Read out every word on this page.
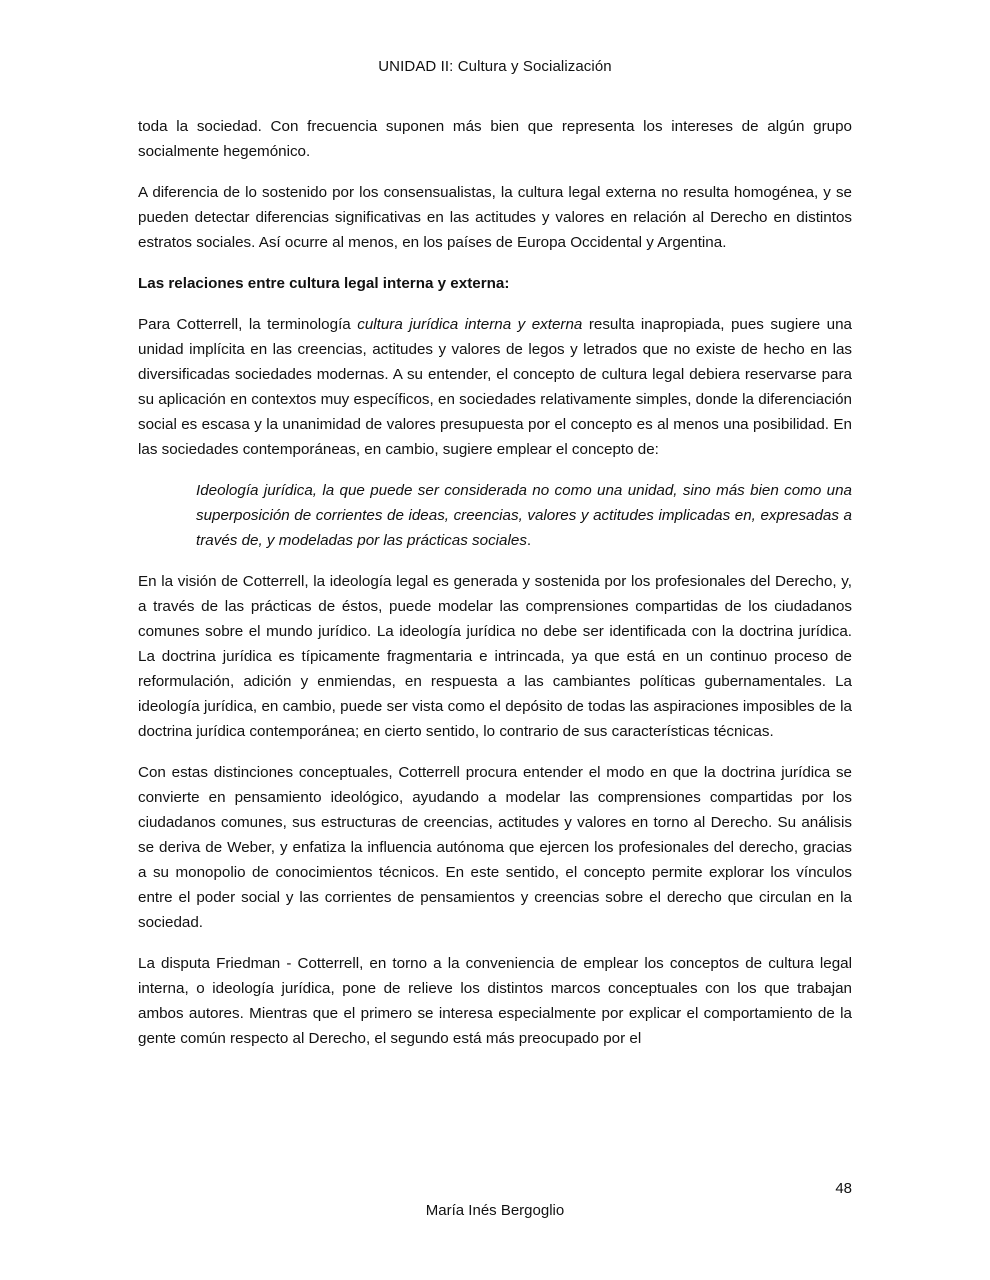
UNIDAD II: Cultura y Socialización

toda la sociedad. Con frecuencia suponen más bien que representa los intereses de algún grupo socialmente hegemónico.

A diferencia de lo sostenido por los consensualistas, la cultura legal externa no resulta homogénea, y se pueden detectar diferencias significativas en las actitudes y valores en relación al Derecho en distintos estratos sociales. Así ocurre al menos, en los países de Europa Occidental y Argentina.

Las relaciones entre cultura legal interna y externa:

Para Cotterrell, la terminología cultura jurídica interna y externa resulta inapropiada, pues sugiere una unidad implícita en las creencias, actitudes y valores de legos y letrados que no existe de hecho en las diversificadas sociedades modernas. A su entender, el concepto de cultura legal debiera reservarse para su aplicación en contextos muy específicos, en sociedades relativamente simples, donde la diferenciación social es escasa y la unanimidad de valores presupuesta por el concepto es al menos una posibilidad. En las sociedades contemporáneas, en cambio, sugiere emplear el concepto de:

Ideología jurídica, la que puede ser considerada no como una unidad, sino más bien como una superposición de corrientes de ideas, creencias, valores y actitudes implicadas en, expresadas a través de, y modeladas por las prácticas sociales.

En la visión de Cotterrell, la ideología legal es generada y sostenida por los profesionales del Derecho, y, a través de las prácticas de éstos, puede modelar las comprensiones compartidas de los ciudadanos comunes sobre el mundo jurídico. La ideología jurídica no debe ser identificada con la doctrina jurídica. La doctrina jurídica es típicamente fragmentaria e intrincada, ya que está en un continuo proceso de reformulación, adición y enmiendas, en respuesta a las cambiantes políticas gubernamentales. La ideología jurídica, en cambio, puede ser vista como el depósito de todas las aspiraciones imposibles de la doctrina jurídica contemporánea; en cierto sentido, lo contrario de sus características técnicas.

Con estas distinciones conceptuales, Cotterrell procura entender el modo en que la doctrina jurídica se convierte en pensamiento ideológico, ayudando a modelar las comprensiones compartidas por los ciudadanos comunes, sus estructuras de creencias, actitudes y valores en torno al Derecho. Su análisis se deriva de Weber, y enfatiza la influencia autónoma que ejercen los profesionales del derecho, gracias a su monopolio de conocimientos técnicos. En este sentido, el concepto permite explorar los vínculos entre el poder social y las corrientes de pensamientos y creencias sobre el derecho que circulan en la sociedad.

La disputa Friedman - Cotterrell, en torno a la conveniencia de emplear los conceptos de cultura legal interna, o ideología jurídica, pone de relieve los distintos marcos conceptuales con los que trabajan ambos autores. Mientras que el primero se interesa especialmente por explicar el comportamiento de la gente común respecto al Derecho, el segundo está más preocupado por el

48
María Inés Bergoglio
